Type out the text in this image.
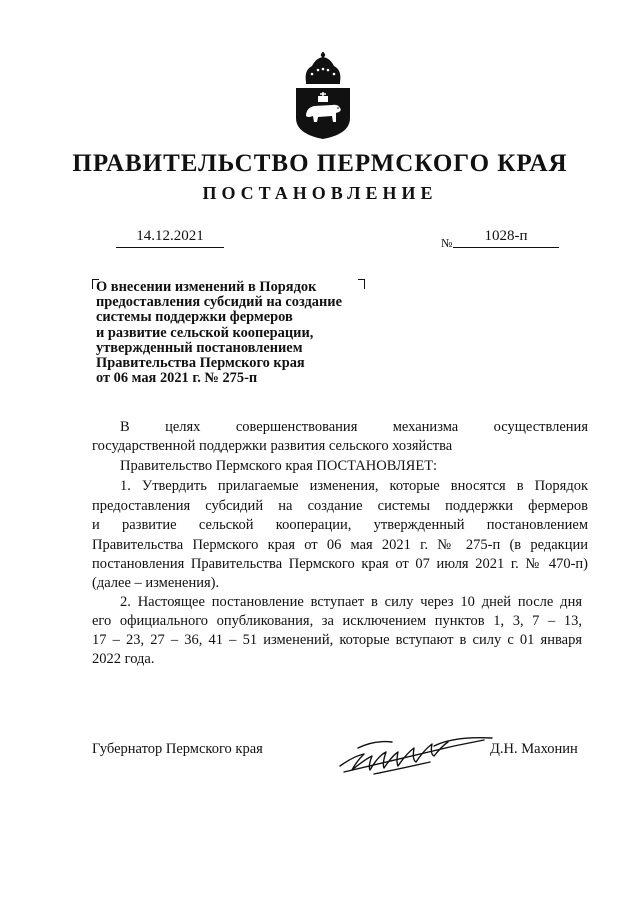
ПРАВИТЕЛЬСТВО ПЕРМСКОГО КРАЯ
ПОСТАНОВЛЕНИЕ
14.12.2021	№	1028-п
О внесении изменений в Порядок
предоставления субсидий на создание
системы поддержки фермеров
и развитие сельской кооперации,
утвержденный постановлением
Правительства Пермского края
от 06 мая 2021 г. № 275-п
В целях совершенствования механизма осуществления
государственной поддержки развития сельского хозяйства
Правительство Пермского края ПОСТАНОВЛЯЕТ:
1. Утвердить прилагаемые изменения, которые вносятся в Порядок
предоставления субсидий на создание системы поддержки фермеров
и развитие сельской кооперации, утвержденный постановлением
Правительства Пермского края от 06 мая 2021 г. № 275-п (в редакции
постановления Правительства Пермского края от 07 июля 2021 г. № 470-п)
(далее – изменения).
2. Настоящее постановление вступает в силу через 10 дней после дня
его официального опубликования, за исключением пунктов 1, 3, 7 – 13,
17 – 23, 27 – 36, 41 – 51 изменений, которые вступают в силу с 01 января
2022 года.
Губернатор Пермского края	Д.Н. Махонин
